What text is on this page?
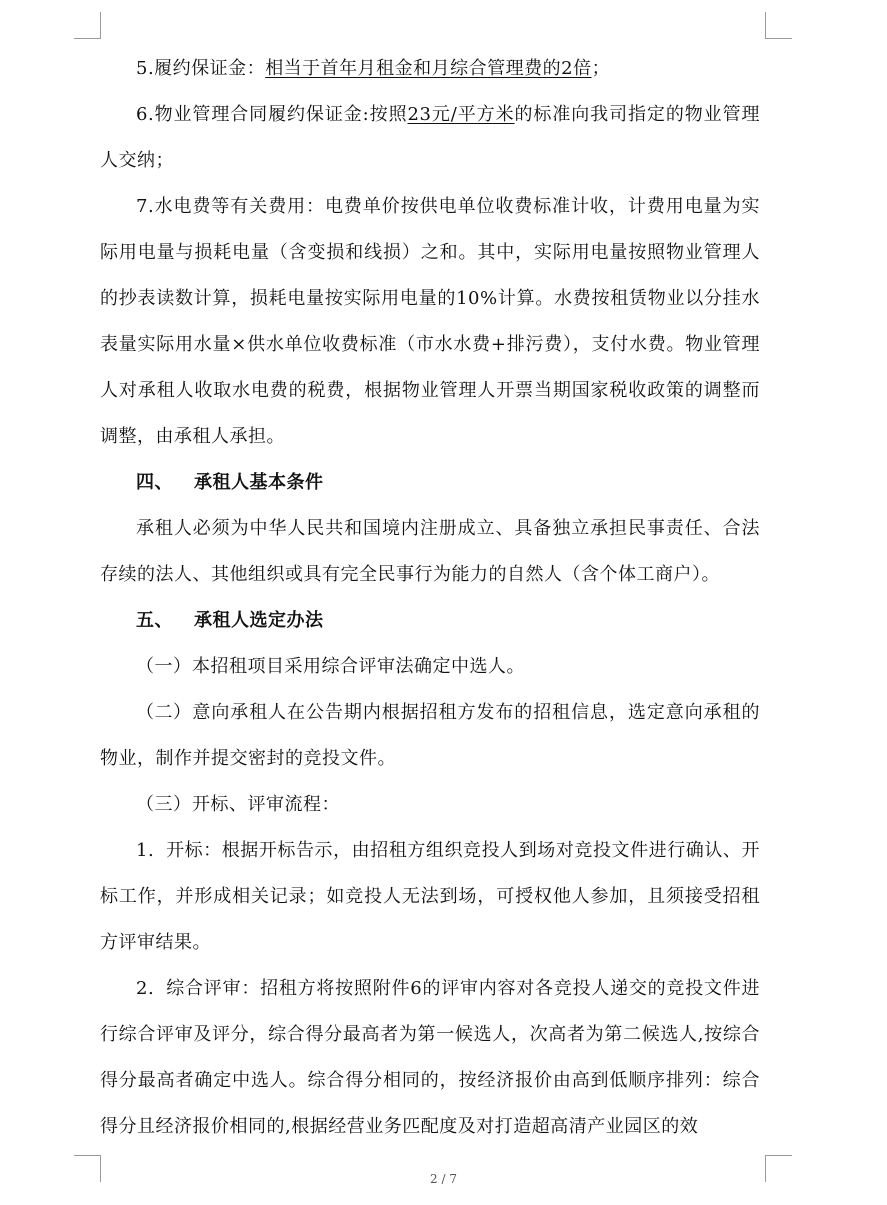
5.履约保证金：相当于首年月租金和月综合管理费的2倍；

6.物业管理合同履约保证金:按照23元/平方米的标准向我司指定的物业管理人交纳；

7.水电费等有关费用：电费单价按供电单位收费标准计收，计费用电量为实际用电量与损耗电量（含变损和线损）之和。其中，实际用电量按照物业管理人的抄表读数计算，损耗电量按实际用电量的10%计算。水费按租赁物业以分挂水表量实际用水量×供水单位收费标准（市水水费+排污费），支付水费。物业管理人对承租人收取水电费的税费，根据物业管理人开票当期国家税收政策的调整而调整，由承租人承担。

四、 承租人基本条件

承租人必须为中华人民共和国境内注册成立、具备独立承担民事责任、合法存续的法人、其他组织或具有完全民事行为能力的自然人（含个体工商户）。

五、 承租人选定办法

（一）本招租项目采用综合评审法确定中选人。

（二）意向承租人在公告期内根据招租方发布的招租信息，选定意向承租的物业，制作并提交密封的竞投文件。

（三）开标、评审流程：

1. 开标：根据开标告示，由招租方组织竞投人到场对竞投文件进行确认、开标工作，并形成相关记录；如竞投人无法到场，可授权他人参加，且须接受招租方评审结果。

2. 综合评审：招租方将按照附件6的评审内容对各竞投人递交的竞投文件进行综合评审及评分，综合得分最高者为第一候选人，次高者为第二候选人,按综合得分最高者确定中选人。综合得分相同的，按经济报价由高到低顺序排列：综合得分且经济报价相同的,根据经营业务匹配度及对打造超高清产业园区的效

2 / 7
